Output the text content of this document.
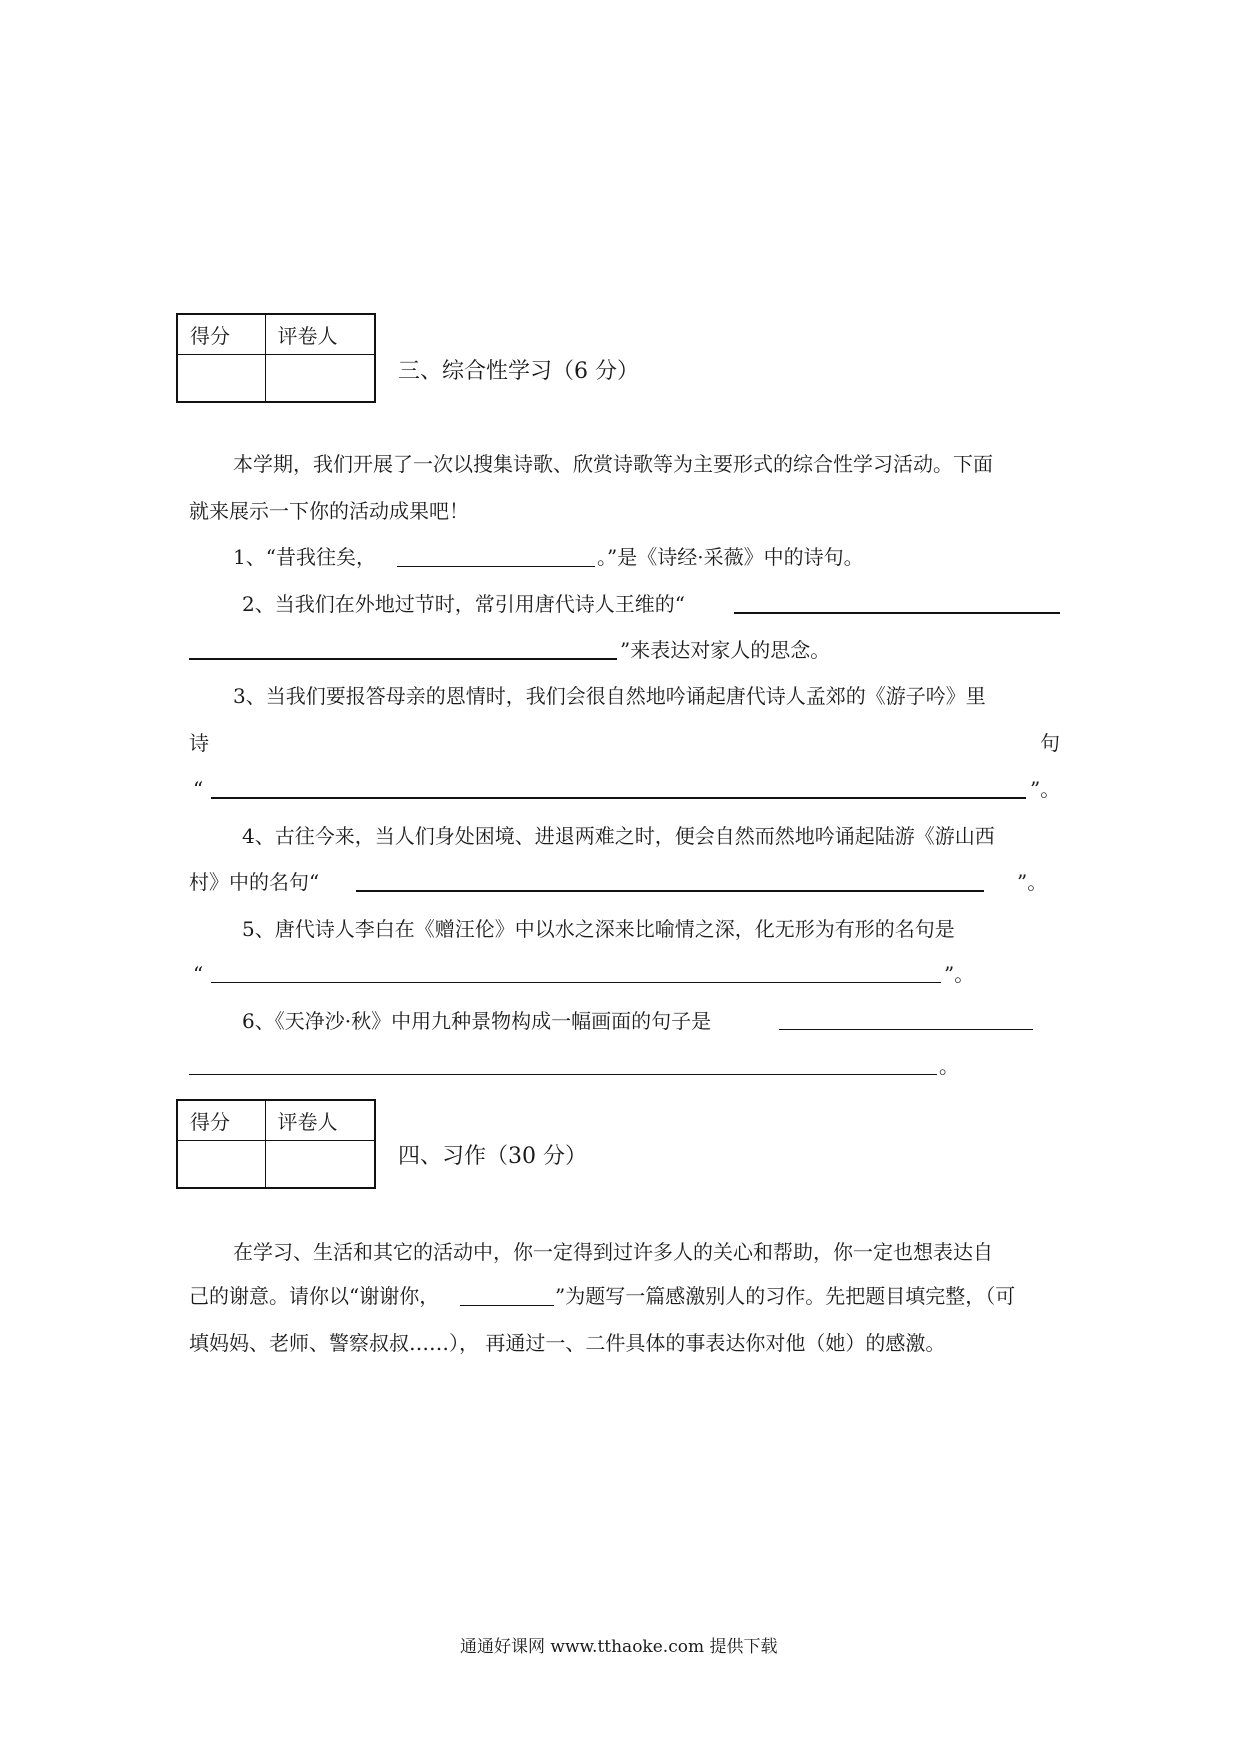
得分	评卷人

三、综合性学习（6 分）
本学期，我们开展了一次以搜集诗歌、欣赏诗歌等为主要形式的综合性学习活动。下面
就来展示一下你的活动成果吧！
1、“昔我往矣，	。”是《诗经·采薇》中的诗句。
2、当我们在外地过节时，常引用唐代诗人王维的“
”来表达对家人的思念。
3、当我们要报答母亲的恩情时，我们会很自然地吟诵起唐代诗人孟郊的《游子吟》里
诗	句
“	”。
4、古往今来，当人们身处困境、进退两难之时，便会自然而然地吟诵起陆游《游山西
村》中的名句“	”。
5、唐代诗人李白在《赠汪伦》中以水之深来比喻情之深，化无形为有形的名句是
“	”。
6、《天净沙·秋》中用九种景物构成一幅画面的句子是
。
得分	评卷人

四、习作（30 分）
在学习、生活和其它的活动中，你一定得到过许多人的关心和帮助，你一定也想表达自
己的谢意。请你以“谢谢你，	”为题写一篇感激别人的习作。先把题目填完整，（可
填妈妈、老师、警察叔叔……）， 再通过一、二件具体的事表达你对他（她）的感激。
通通好课网 www.tthaoke.com 提供下载
